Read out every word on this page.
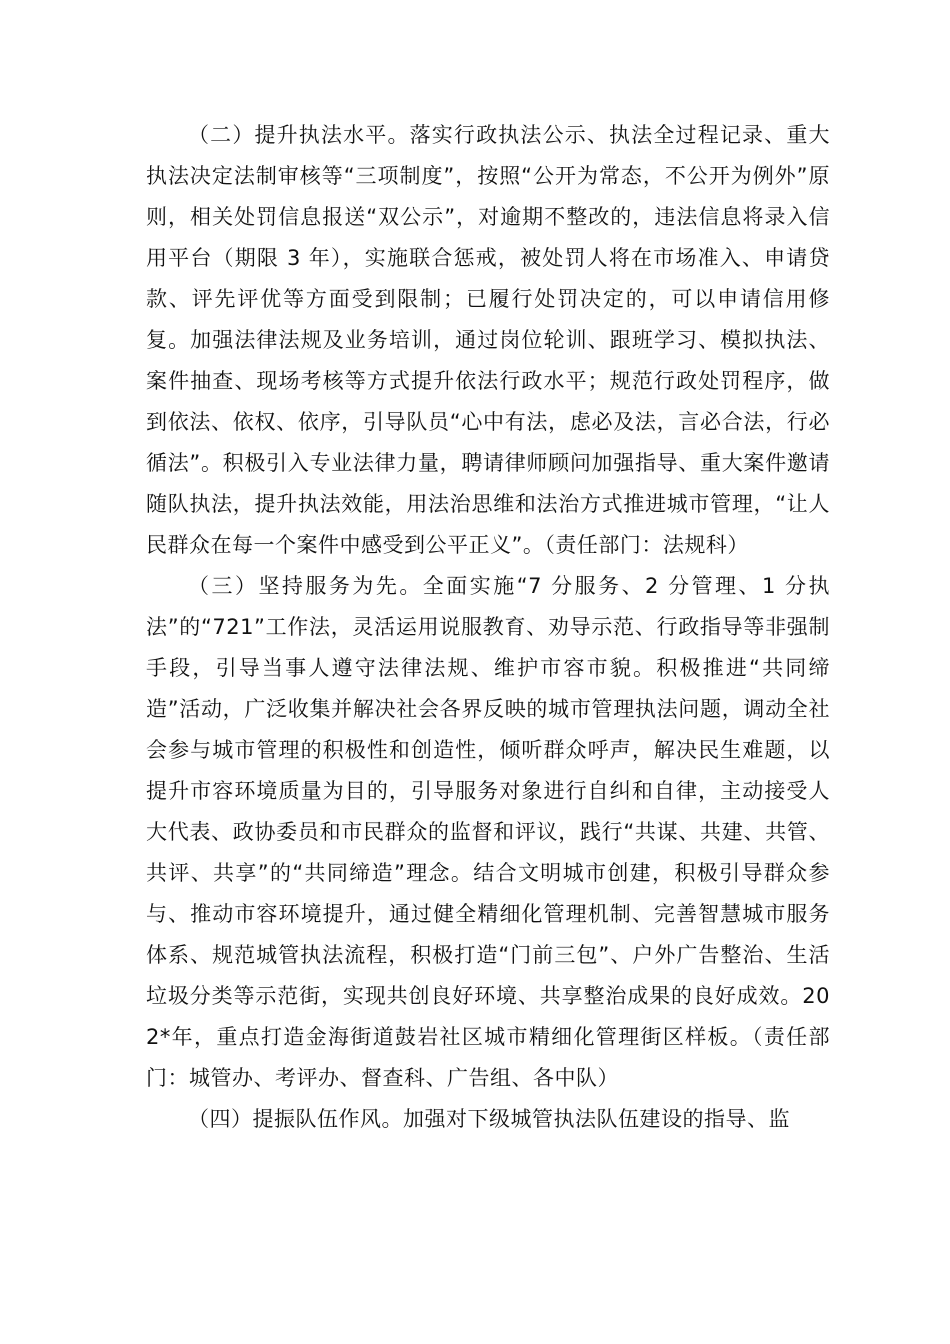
（二）提升执法水平。落实行政执法公示、执法全过程记录、重大执法决定法制审核等“三项制度”，按照“公开为常态，不公开为例外”原则，相关处罚信息报送“双公示”，对逾期不整改的，违法信息将录入信用平台（期限 3 年），实施联合惩戒，被处罚人将在市场准入、申请贷款、评先评优等方面受到限制；已履行处罚决定的，可以申请信用修复。加强法律法规及业务培训，通过岗位轮训、跟班学习、模拟执法、案件抽查、现场考核等方式提升依法行政水平；规范行政处罚程序，做到依法、依权、依序，引导队员“心中有法，虑必及法，言必合法，行必循法”。积极引入专业法律力量，聘请律师顾问加强指导、重大案件邀请随队执法，提升执法效能，用法治思维和法治方式推进城市管理，“让人民群众在每一个案件中感受到公平正义”。（责任部门：法规科）

（三）坚持服务为先。全面实施“7 分服务、2 分管理、1 分执法”的“721”工作法，灵活运用说服教育、劝导示范、行政指导等非强制手段，引导当事人遵守法律法规、维护市容市貌。积极推进“共同缔造”活动，广泛收集并解决社会各界反映的城市管理执法问题，调动全社会参与城市管理的积极性和创造性，倾听群众呼声，解决民生难题，以提升市容环境质量为目的，引导服务对象进行自纠和自律，主动接受人大代表、政协委员和市民群众的监督和评议，践行“共谋、共建、共管、共评、共享”的“共同缔造”理念。结合文明城市创建，积极引导群众参与、推动市容环境提升，通过健全精细化管理机制、完善智慧城市服务体系、规范城管执法流程，积极打造“门前三包”、户外广告整治、生活垃圾分类等示范街，实现共创良好环境、共享整治成果的良好成效。202*年，重点打造金海街道鼓岩社区城市精细化管理街区样板。（责任部门：城管办、考评办、督查科、广告组、各中队）

（四）提振队伍作风。加强对下级城管执法队伍建设的指导、监
